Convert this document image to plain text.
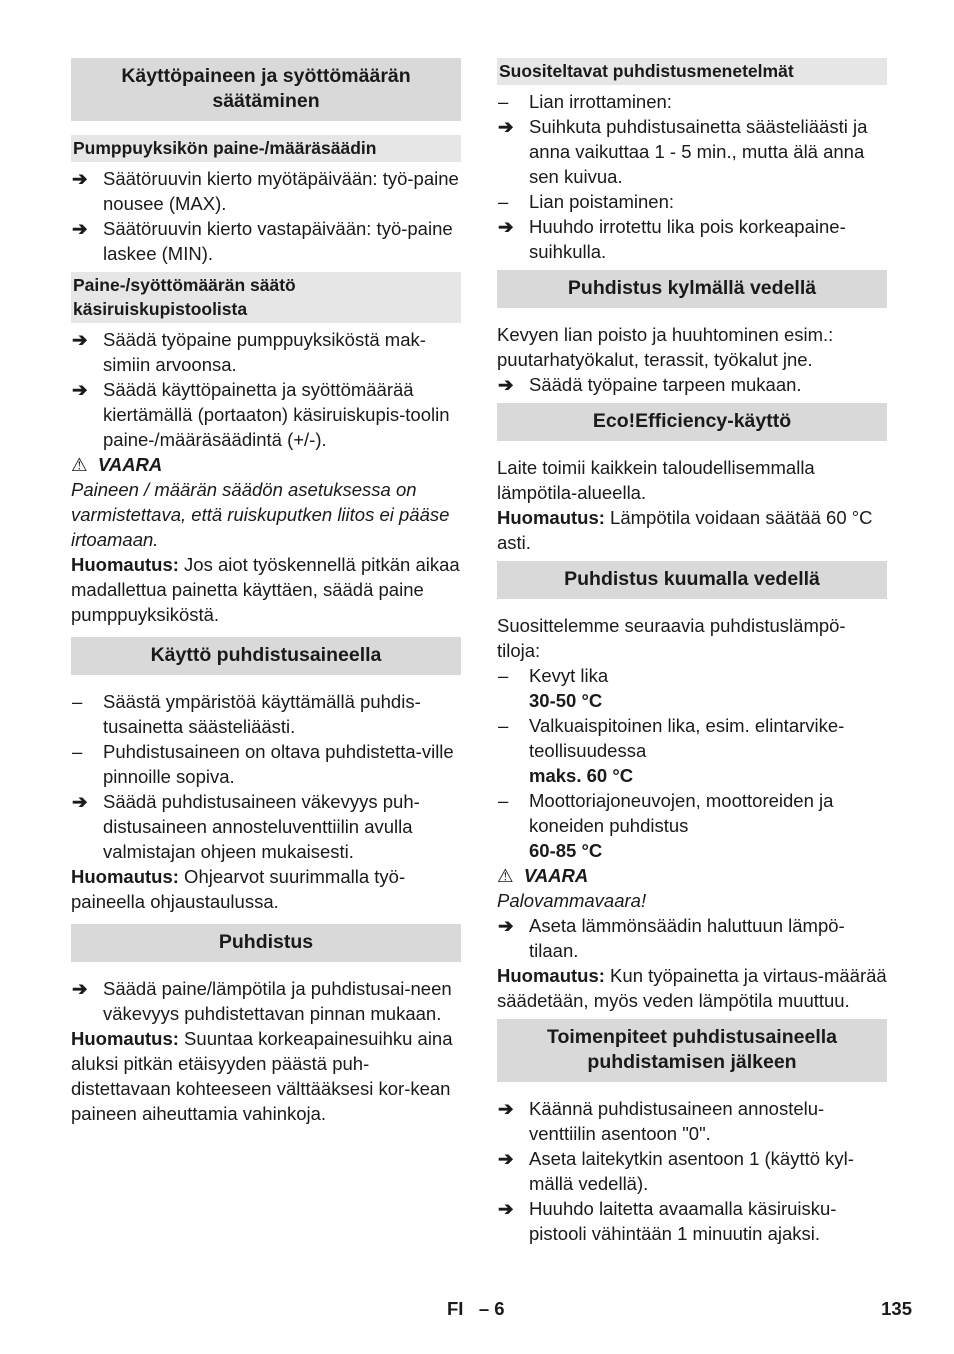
Käyttöpaineen ja syöttömäärän säätäminen
Pumppuyksikön paine-/määräsäädin
➔ Säätöruuvin kierto myötäpäivään: työ-paine nousee (MAX).
➔ Säätöruuvin kierto vastapäivään: työ-paine laskee (MIN).
Paine-/syöttömäärän säätö käsiruiskupistoolista
➔ Säädä työpaine pumppuyksiköstä mak-simiin arvoonsa.
➔ Säädä käyttöpainetta ja syöttömäärää kiertämällä (portaaton) käsiruiskupis-toolin paine-/määräsäädintä (+/-).
⚠ VAARA
Paineen / määrän säädön asetuksessa on varmistettava, että ruiskuputken liitos ei pääse irtoamaan.
Huomautus: Jos aiot työskennellä pitkän aikaa madallettua painetta käyttäen, säädä paine pumppuyksiköstä.
Käyttö puhdistusaineella
–	Säästä ympäristöä käyttämällä puhdis-tusainetta säästeliäästi.
–	Puhdistusaineen on oltava puhdistetta-ville pinnoille sopiva.
➔ Säädä puhdistusaineen väkevyys puh-distusaineen annosteluventtiilin avulla valmistajan ohjeen mukaisesti.
Huomautus: Ohjearvot suurimmalla työ-paineella ohjaustaulussa.
Puhdistus
➔ Säädä paine/lämpötila ja puhdistusai-neen väkevyys puhdistettavan pinnan mukaan.
Huomautus: Suuntaa korkeapainesuihku aina aluksi pitkän etäisyyden päästä puh-distettavaan kohteeseen välttääksesi kor-kean paineen aiheuttamia vahinkoja.
Suositeltavat puhdistusmenetelmät
–	Lian irrottaminen:
➔ Suihkuta puhdistusainetta säästeliäästi ja anna vaikuttaa 1 - 5 min., mutta älä anna sen kuivua.
–	Lian poistaminen:
➔ Huuhdo irrotettu lika pois korkeapaine-suihkulla.
Puhdistus kylmällä vedellä
Kevyen lian poisto ja huuhtominen esim.: puutarhatyökalut, terassit, työkalut jne.
➔ Säädä työpaine tarpeen mukaan.
Eco!Efficiency-käyttö
Laite toimii kaikkein taloudellisemmalla lämpötila-alueella.
Huomautus: Lämpötila voidaan säätää 60 °C asti.
Puhdistus kuumalla vedellä
Suosittelemme seuraavia puhdistuslämpö-tiloja:
–	Kevyt lika
30-50 °C
–	Valkuaispitoinen lika, esim. elintarvike-teollisuudessa
maks. 60 °C
–	Moottoriajoneuvojen, moottoreiden ja koneiden puhdistus
60-85 °C
⚠ VAARA
Palovammavaara!
➔ Aseta lämmönsäädin haluttuun lämpö-tilaan.
Huomautus: Kun työpainetta ja virtaus-määrää säädetään, myös veden lämpötila muuttuu.
Toimenpiteet puhdistusaineella puhdistamisen jälkeen
➔ Käännä puhdistusaineen annostelu-venttiilin asentoon "0".
➔ Aseta laitekytkin asentoon 1 (käyttö kyl-mällä vedellä).
➔ Huuhdo laitetta avaamalla käsiruisku-pistooli vähintään 1 minuutin ajaksi.
FI   – 6	135
